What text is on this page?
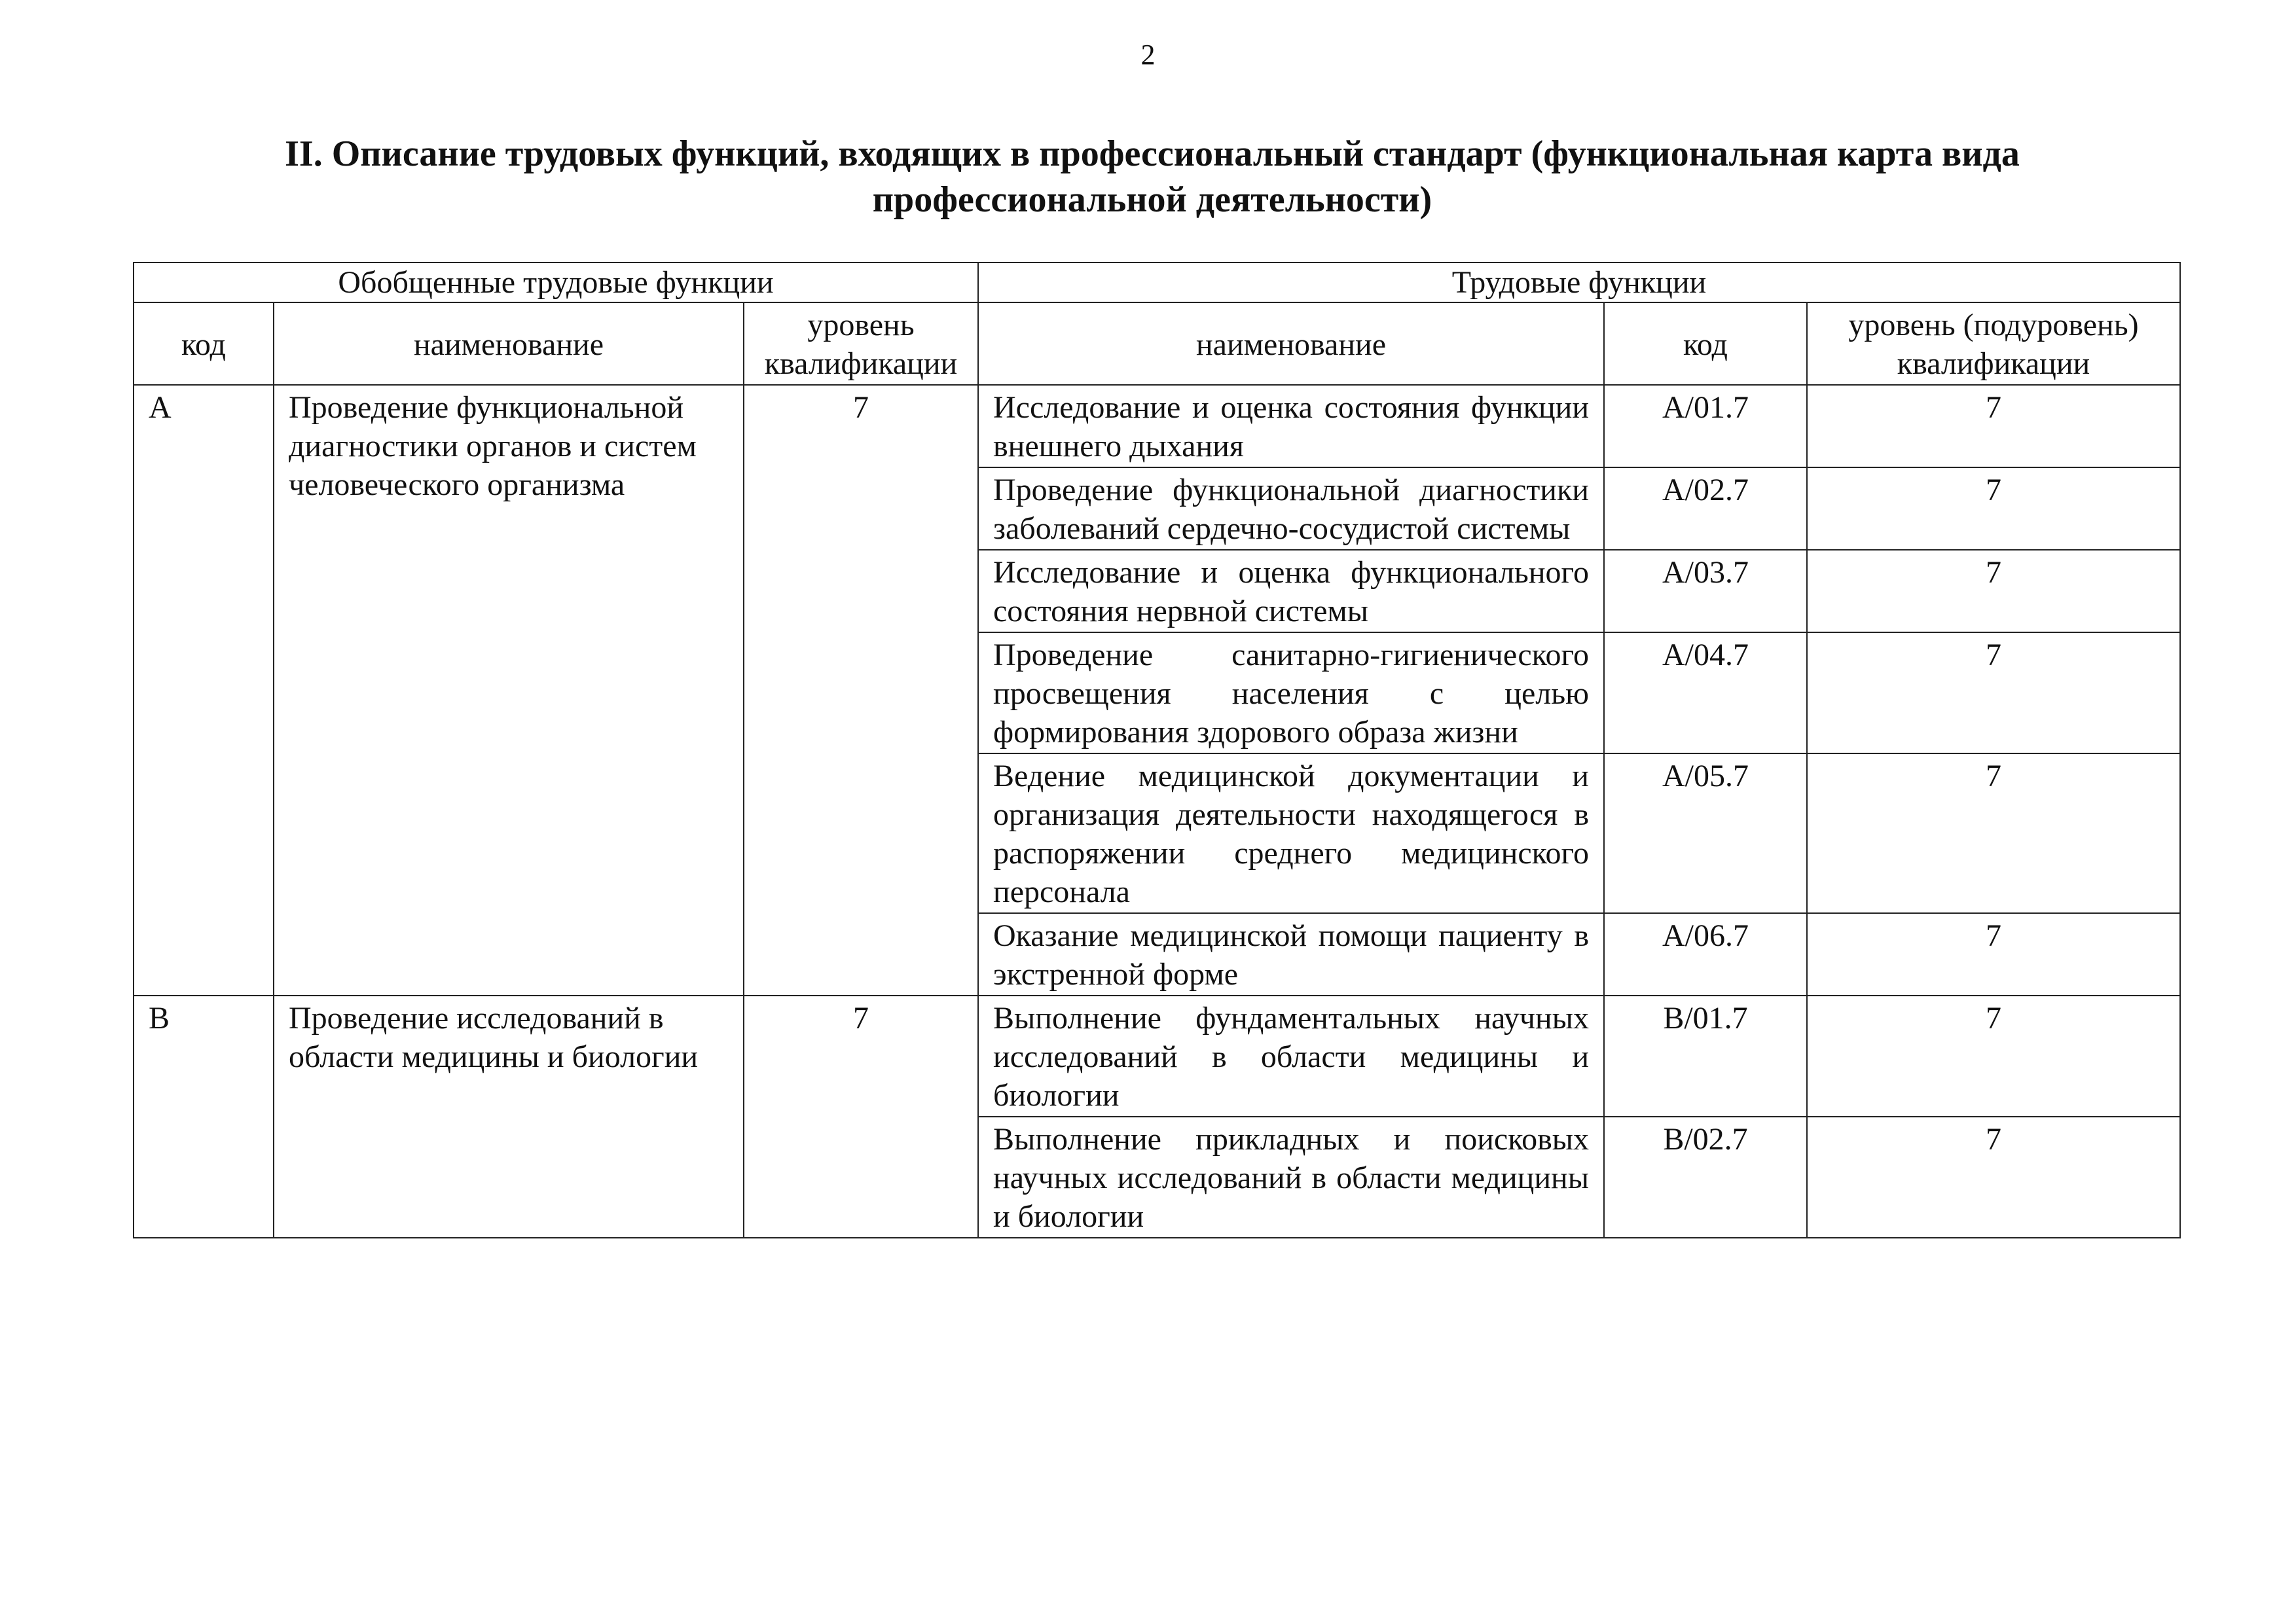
2
II. Описание трудовых функций, входящих в профессиональный стандарт (функциональная карта вида профессиональной деятельности)
Обобщенные трудовые функции			Трудовые функции		
код	наименование	уровень квалификации	наименование	код	уровень (подуровень) квалификации
A	Проведение функциональной диагностики органов и систем человеческого организма	7	Исследование и оценка состояния функции внешнего дыхания	A/01.7	7
			Проведение функциональной диагностики заболеваний сердечно-сосудистой системы	A/02.7	7
			Исследование и оценка функционального состояния нервной системы	A/03.7	7
			Проведение санитарно-гигиенического просвещения населения с целью формирования здорового образа жизни	A/04.7	7
			Ведение медицинской документации и организация деятельности находящегося в распоряжении среднего медицинского персонала	A/05.7	7
			Оказание медицинской помощи пациенту в экстренной форме	A/06.7	7
B	Проведение исследований в области медицины и биологии	7	Выполнение фундаментальных научных исследований в области медицины и биологии	B/01.7	7
			Выполнение прикладных и поисковых научных исследований в области медицины и биологии	B/02.7	7
